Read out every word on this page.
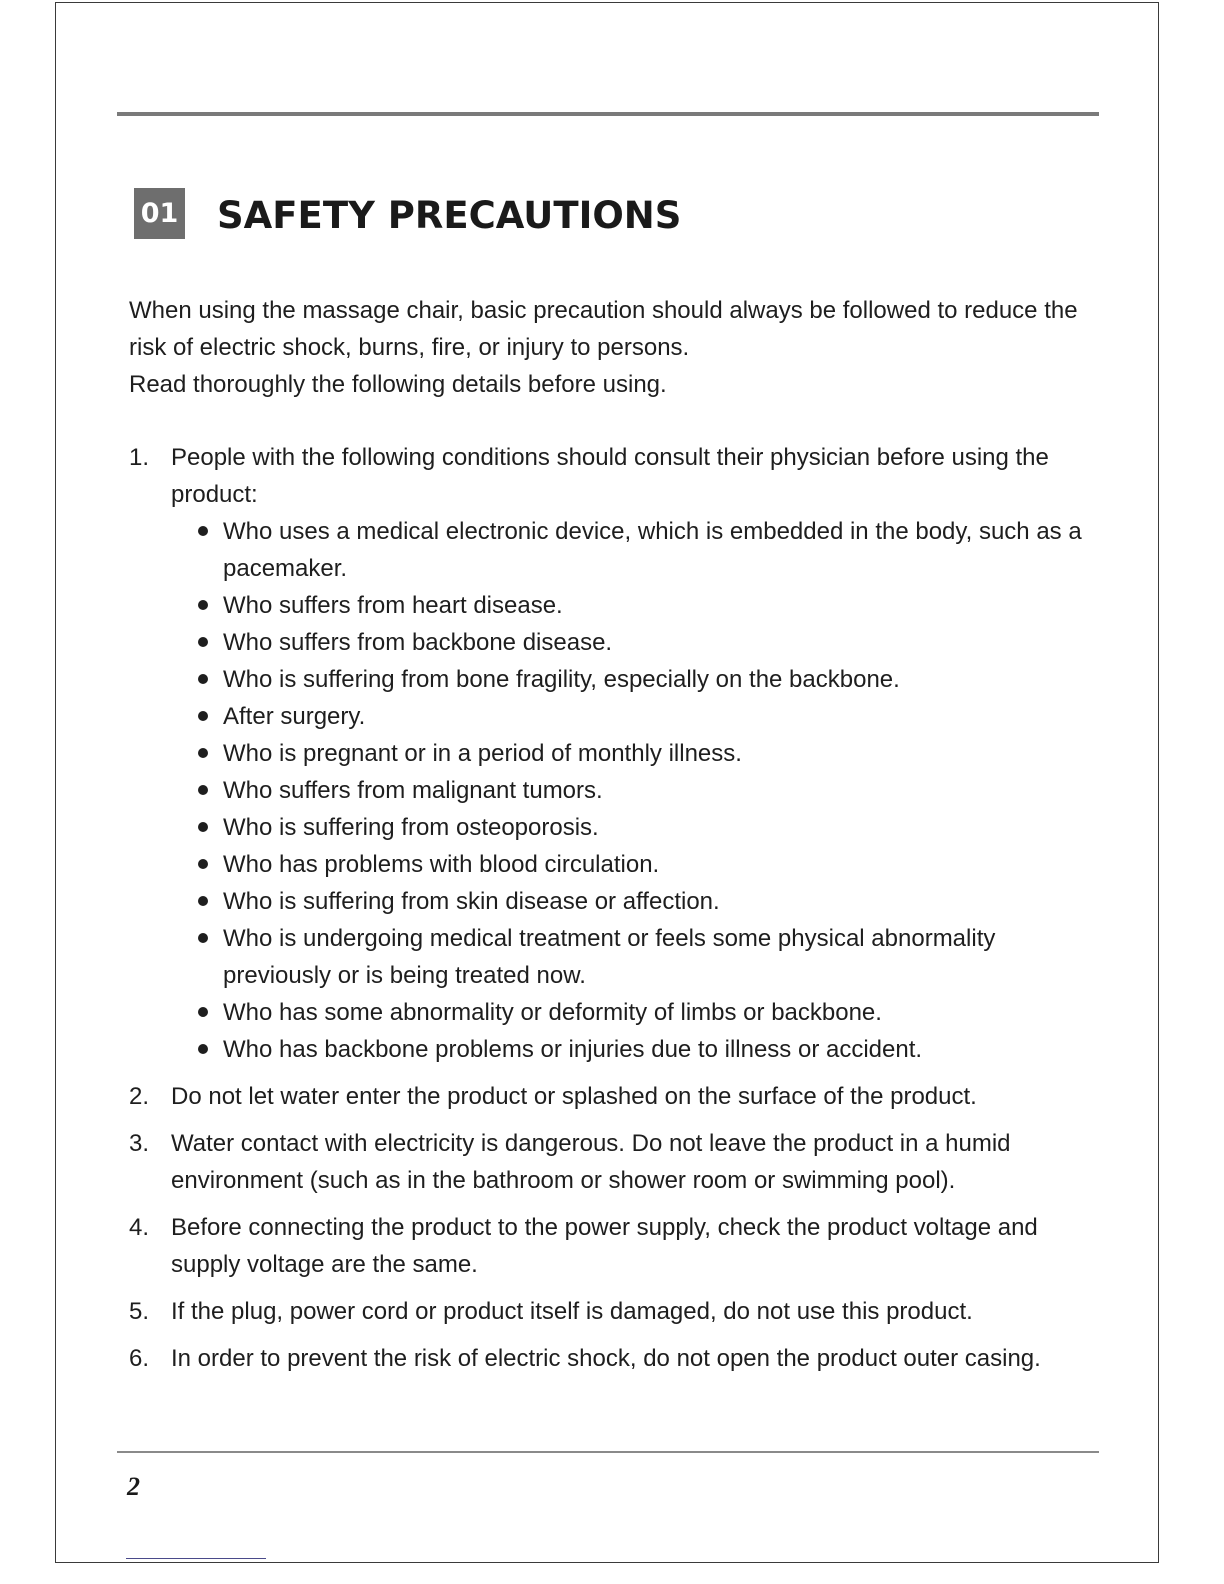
01 SAFETY PRECAUTIONS

When using the massage chair, basic precaution should always be followed to reduce the risk of electric shock, burns, fire, or injury to persons.

Read thoroughly the following details before using.

1. People with the following conditions should consult their physician before using the product:
Who uses a medical electronic device, which is embedded in the body, such as a pacemaker.
Who suffers from heart disease.
Who suffers from backbone disease.
Who is suffering from bone fragility, especially on the backbone.
After surgery.
Who is pregnant or in a period of monthly illness.
Who suffers from malignant tumors.
Who is suffering from osteoporosis.
Who has problems with blood circulation.
Who is suffering from skin disease or affection.
Who is undergoing medical treatment or feels some physical abnormality previously or is being treated now.
Who has some abnormality or deformity of limbs or backbone.
Who has backbone problems or injuries due to illness or accident.
2. Do not let water enter the product or splashed on the surface of the product.
3. Water contact with electricity is dangerous. Do not leave the product in a humid environment (such as in the bathroom or shower room or swimming pool).
4. Before connecting the product to the power supply, check the product voltage and supply voltage are the same.
5. If the plug, power cord or product itself is damaged, do not use this product.
6. In order to prevent the risk of electric shock, do not open the product outer casing.
2
